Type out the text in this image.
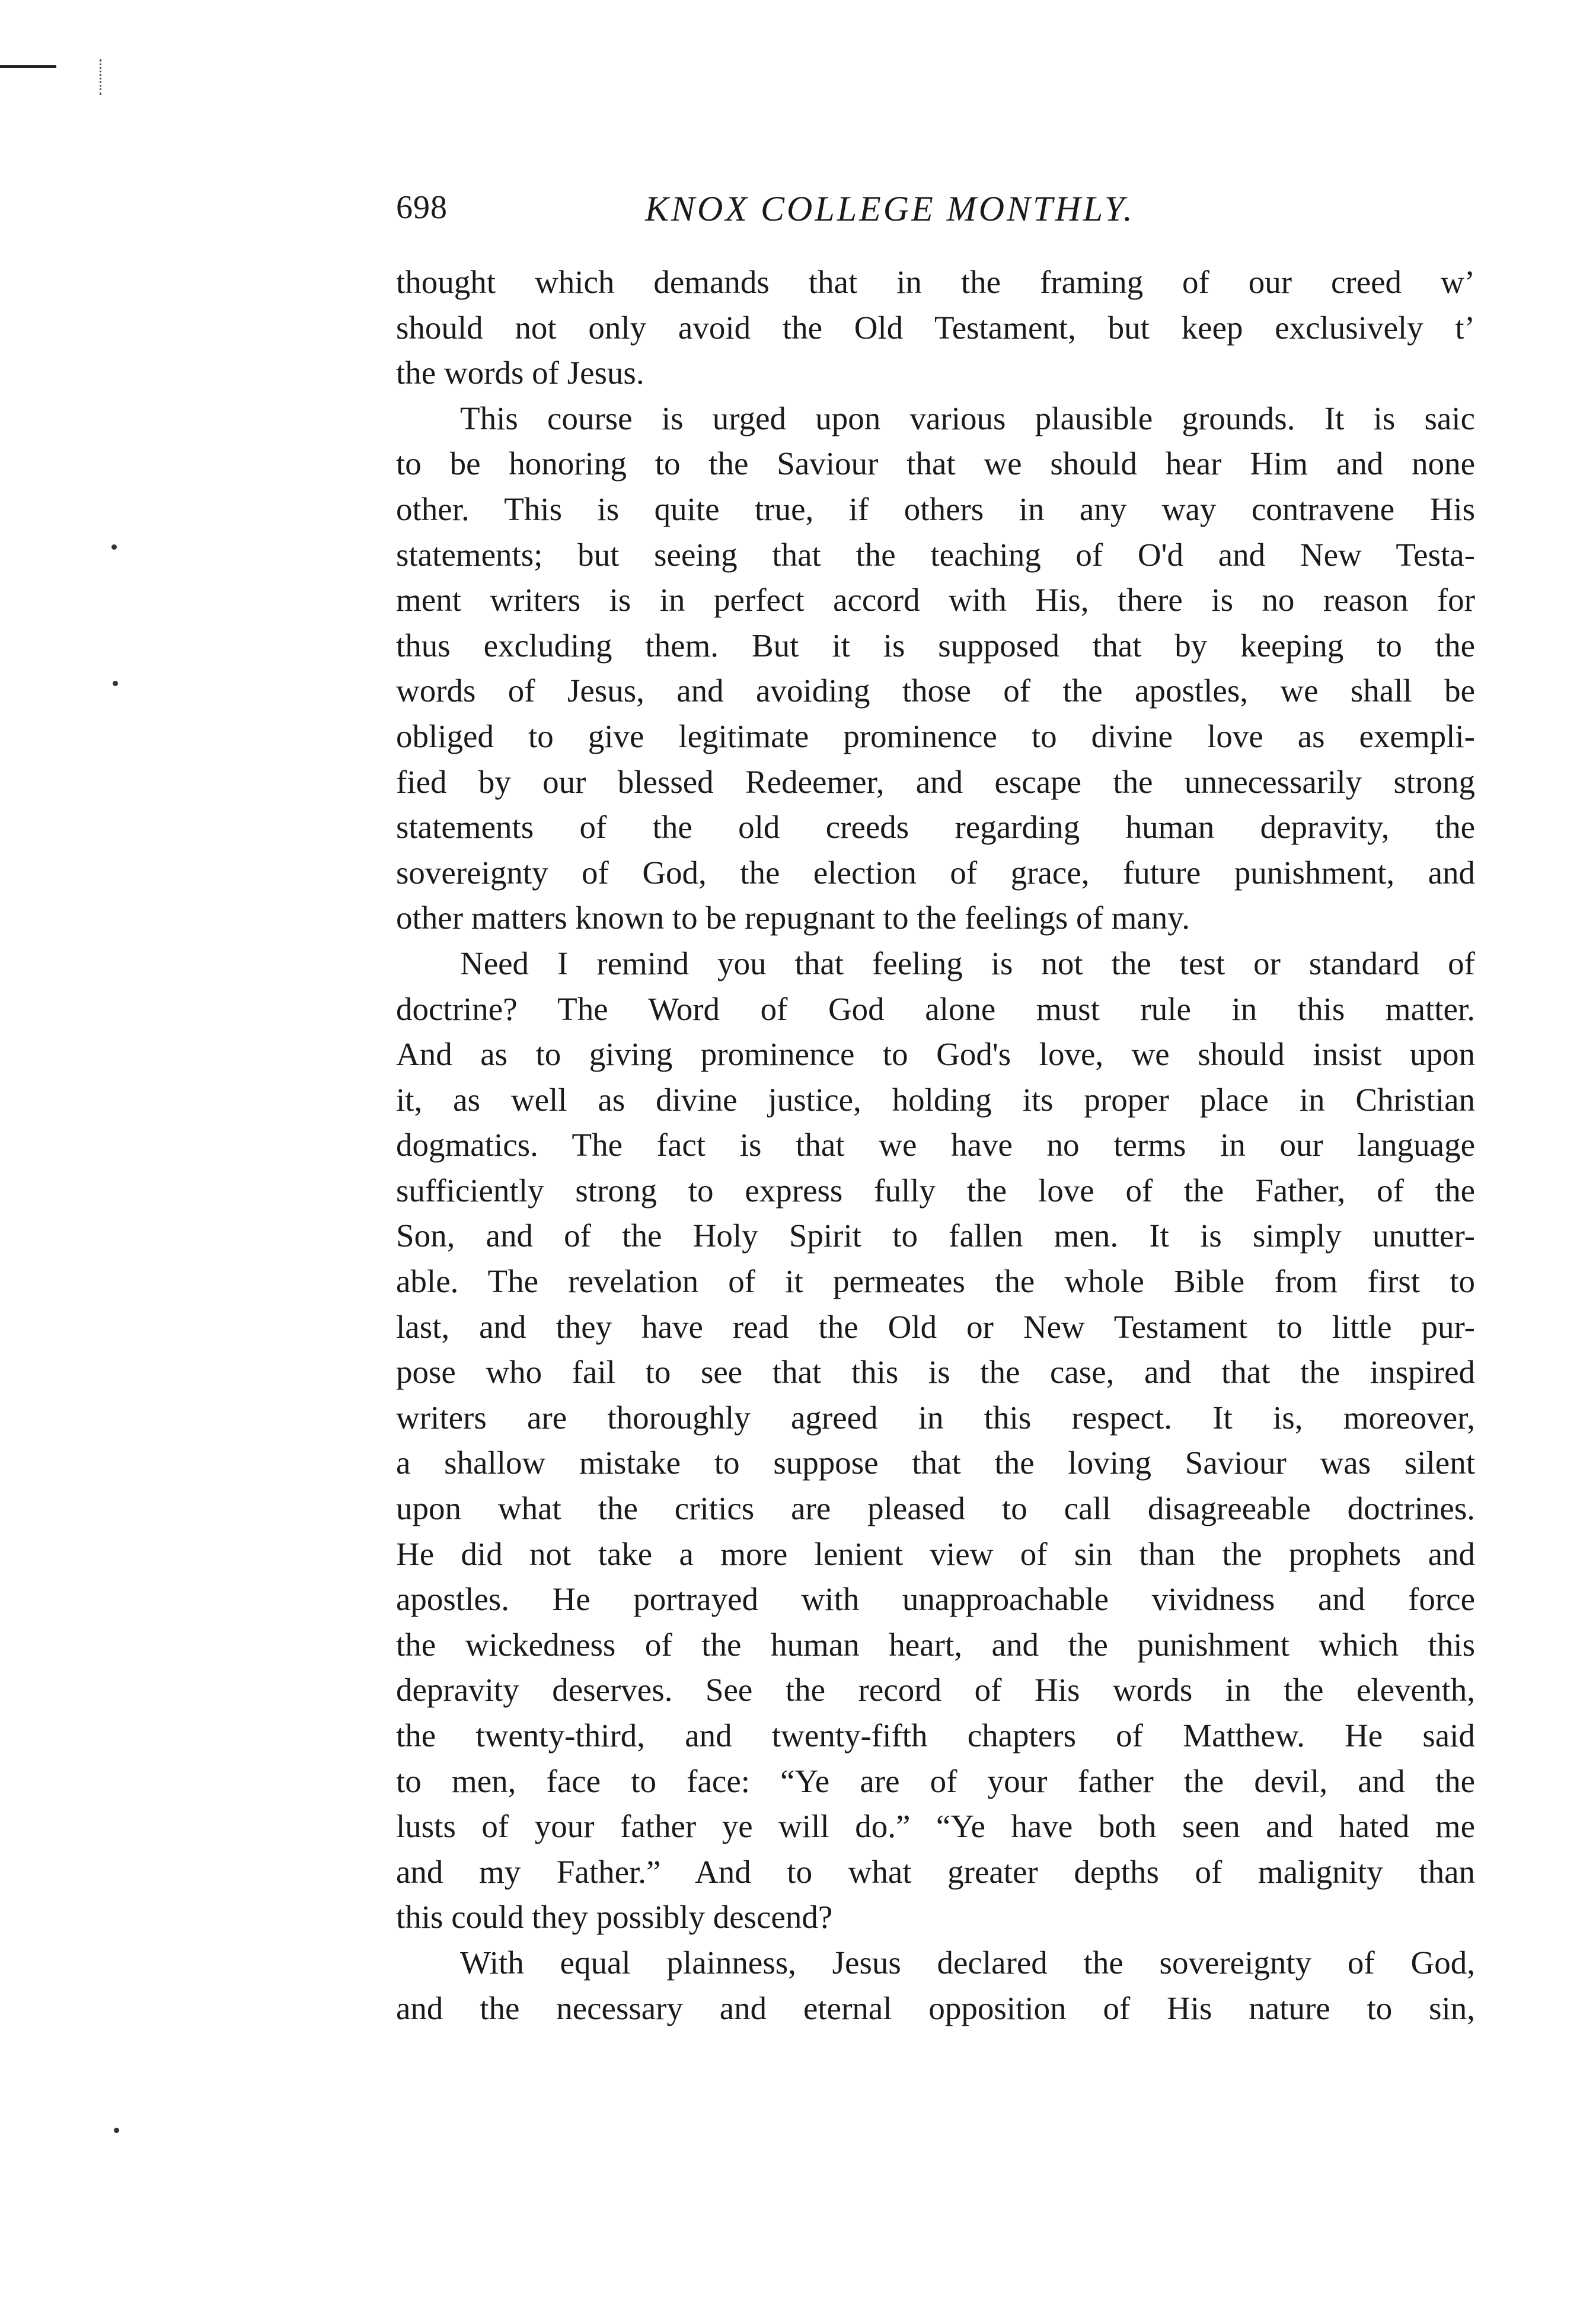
698	KNOX COLLEGE MONTHLY.

thought which demands that in the framing of our creed w’

should not only avoid the Old Testament, but keep exclusively t’

the words of Jesus.

This course is urged upon various plausible grounds. It is saic

to be honoring to the Saviour that we should hear Him and none

other. This is quite true, if others in any way contravene His

statements; but seeing that the teaching of O'd and New Testa-

ment writers is in perfect accord with His, there is no reason for

thus excluding them. But it is supposed that by keeping to the

words of Jesus, and avoiding those of the apostles, we shall be

obliged to give legitimate prominence to divine love as exempli-

fied by our blessed Redeemer, and escape the unnecessarily strong

statements of the old creeds regarding human depravity, the

sovereignty of God, the election of grace, future punishment, and

other matters known to be repugnant to the feelings of many.

Need I remind you that feeling is not the test or standard of

doctrine? The Word of God alone must rule in this matter.

And as to giving prominence to God's love, we should insist upon

it, as well as divine justice, holding its proper place in Christian

dogmatics. The fact is that we have no terms in our language

sufficiently strong to express fully the love of the Father, of the

Son, and of the Holy Spirit to fallen men. It is simply unutter-

able. The revelation of it permeates the whole Bible from first to

last, and they have read the Old or New Testament to little pur-

pose who fail to see that this is the case, and that the inspired

writers are thoroughly agreed in this respect. It is, moreover,

a shallow mistake to suppose that the loving Saviour was silent

upon what the critics are pleased to call disagreeable doctrines.

He did not take a more lenient view of sin than the prophets and

apostles. He portrayed with unapproachable vividness and force

the wickedness of the human heart, and the punishment which this

depravity deserves. See the record of His words in the eleventh,

the twenty-third, and twenty-fifth chapters of Matthew. He said

to men, face to face: “Ye are of your father the devil, and the

lusts of your father ye will do.” “Ye have both seen and hated me

and my Father.” And to what greater depths of malignity than

this could they possibly descend?

With equal plainness, Jesus declared the sovereignty of God,

and the necessary and eternal opposition of His nature to sin,
